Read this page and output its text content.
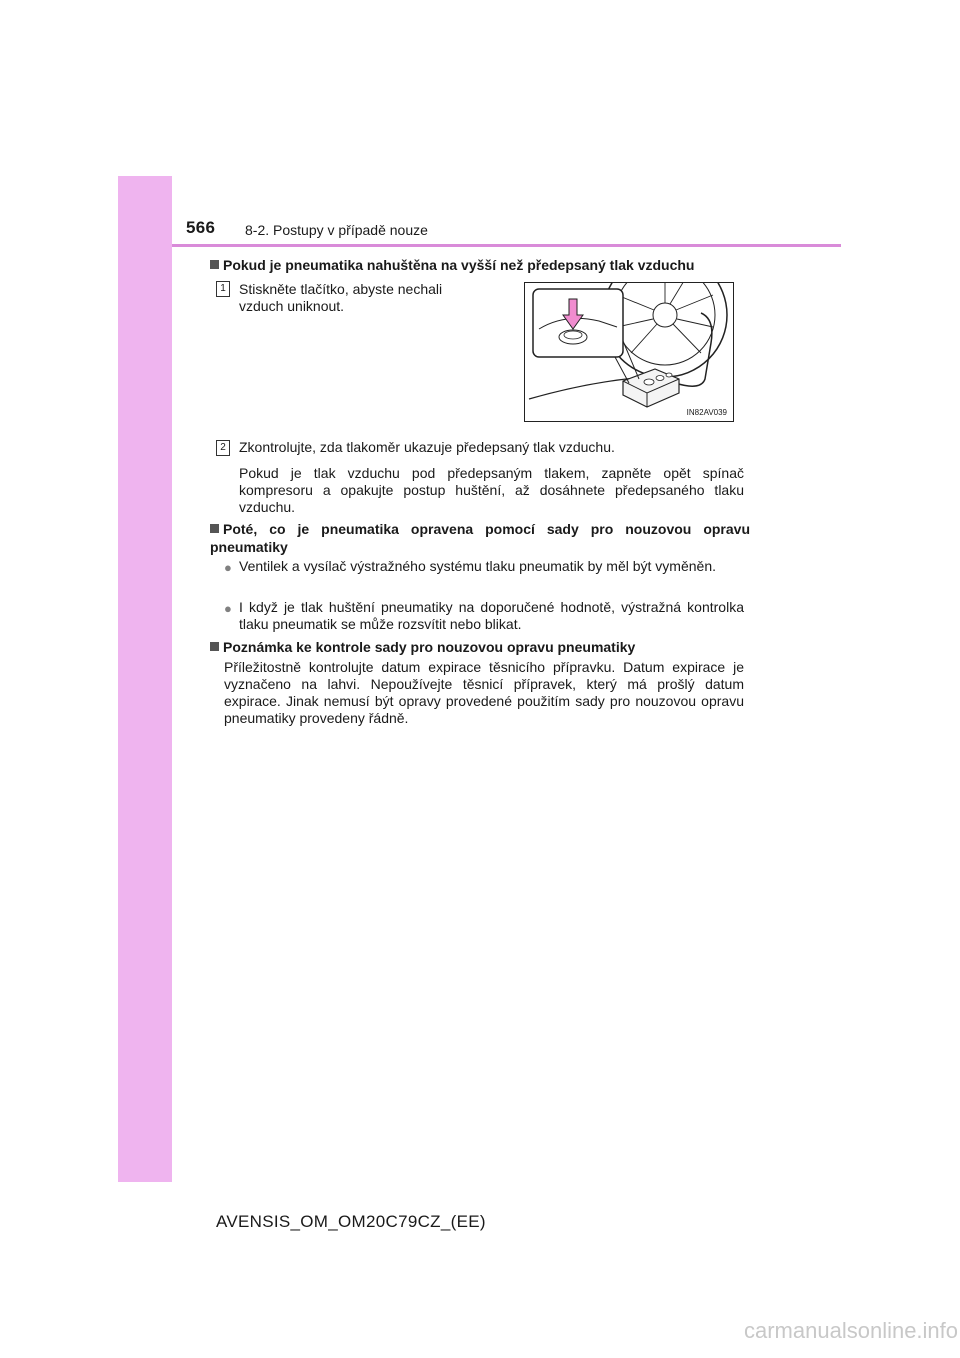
566 8-2. Postupy v případě nouze
Pokud je pneumatika nahuštěna na vyšší než předepsaný tlak vzduchu
1 Stiskněte tlačítko, abyste nechali vzduch uniknout.
IN82AV039
2 Zkontrolujte, zda tlakoměr ukazuje předepsaný tlak vzduchu.
Pokud je tlak vzduchu pod předepsaným tlakem, zapněte opět spínač kompresoru a opakujte postup huštění, až dosáhnete předepsaného tlaku vzduchu.
Poté, co je pneumatika opravena pomocí sady pro nouzovou opravu pneumatiky
● Ventilek a vysílač výstražného systému tlaku pneumatik by měl být vyměněn.
● I když je tlak huštění pneumatiky na doporučené hodnotě, výstražná kontrolka tlaku pneumatik se může rozsvítit nebo blikat.
Poznámka ke kontrole sady pro nouzovou opravu pneumatiky
Příležitostně kontrolujte datum expirace těsnicího přípravku. Datum expirace je vyznačeno na lahvi. Nepoužívejte těsnicí přípravek, který má prošlý datum expirace. Jinak nemusí být opravy provedené použitím sady pro nouzovou opravu pneumatiky provedeny řádně.
AVENSIS_OM_OM20C79CZ_(EE)
carmanualsonline.info
